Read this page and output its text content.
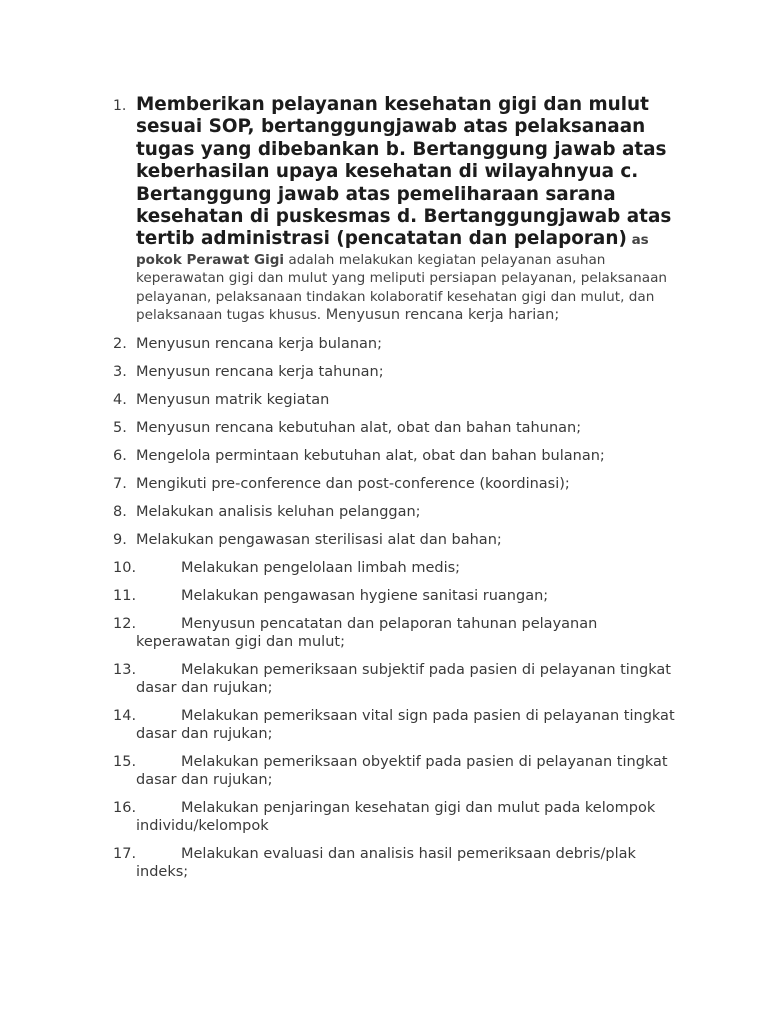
1. Memberikan pelayanan kesehatan gigi dan mulut sesuai SOP, bertanggungjawab atas pelaksanaan tugas yang dibebankan b. Bertanggung jawab atas keberhasilan upaya kesehatan di wilayahnyua c. Bertanggung jawab atas pemeliharaan sarana kesehatan di puskesmas d. Bertanggungjawab atas tertib administrasi (pencatatan dan pelaporan) as pokok Perawat Gigi adalah melakukan kegiatan pelayanan asuhan keperawatan gigi dan mulut yang meliputi persiapan pelayanan, pelaksanaan pelayanan, pelaksanaan tindakan kolaboratif kesehatan gigi dan mulut, dan pelaksanaan tugas khusus. Menyusun rencana kerja harian;
2. Menyusun rencana kerja bulanan;
3. Menyusun rencana kerja tahunan;
4. Menyusun matrik kegiatan
5. Menyusun rencana kebutuhan alat, obat dan bahan tahunan;
6. Mengelola permintaan kebutuhan alat, obat dan bahan bulanan;
7. Mengikuti pre-conference dan post-conference (koordinasi);
8. Melakukan analisis keluhan pelanggan;
9. Melakukan pengawasan sterilisasi alat dan bahan;
10.	Melakukan pengelolaan limbah medis;
11.	Melakukan pengawasan hygiene sanitasi ruangan;
12.	Menyusun pencatatan dan pelaporan tahunan pelayanan keperawatan gigi dan mulut;
13.	Melakukan pemeriksaan subjektif pada pasien di pelayanan tingkat dasar dan rujukan;
14.	Melakukan pemeriksaan vital sign pada pasien di pelayanan tingkat dasar dan rujukan;
15.	Melakukan pemeriksaan obyektif pada pasien di pelayanan tingkat dasar dan rujukan;
16.	Melakukan penjaringan kesehatan gigi dan mulut pada kelompok individu/kelompok
17.	Melakukan evaluasi dan analisis hasil pemeriksaan debris/plak indeks;
